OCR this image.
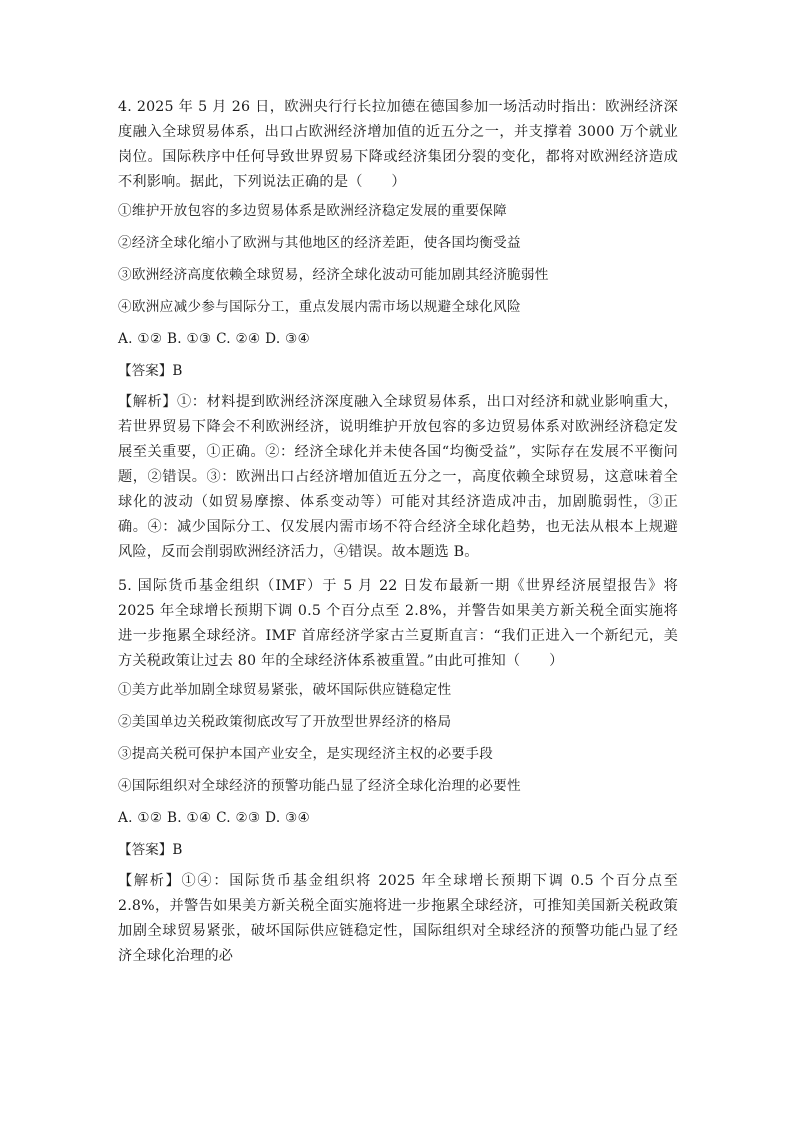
4. 2025 年 5 月 26 日，欧洲央行行长拉加德在德国参加一场活动时指出：欧洲经济深度融入全球贸易体系，出口占欧洲经济增加值的近五分之一，并支撑着 3000 万个就业岗位。国际秩序中任何导致世界贸易下降或经济集团分裂的变化，都将对欧洲经济造成不利影响。据此，下列说法正确的是（　　）

①维护开放包容的多边贸易体系是欧洲经济稳定发展的重要保障

②经济全球化缩小了欧洲与其他地区的经济差距，使各国均衡受益

③欧洲经济高度依赖全球贸易，经济全球化波动可能加剧其经济脆弱性

④欧洲应减少参与国际分工，重点发展内需市场以规避全球化风险

A. ①② B. ①③ C. ②④ D. ③④

【答案】B

【解析】①：材料提到欧洲经济深度融入全球贸易体系，出口对经济和就业影响重大，若世界贸易下降会不利欧洲经济，说明维护开放包容的多边贸易体系对欧洲经济稳定发展至关重要，①正确。②：经济全球化并未使各国“均衡受益”，实际存在发展不平衡问题，②错误。③：欧洲出口占经济增加值近五分之一，高度依赖全球贸易，这意味着全球化的波动（如贸易摩擦、体系变动等）可能对其经济造成冲击，加剧脆弱性，③正确。④：减少国际分工、仅发展内需市场不符合经济全球化趋势，也无法从根本上规避风险，反而会削弱欧洲经济活力，④错误。故本题选 B。

5. 国际货币基金组织（IMF）于 5 月 22 日发布最新一期《世界经济展望报告》将 2025 年全球增长预期下调 0.5 个百分点至 2.8%，并警告如果美方新关税全面实施将进一步拖累全球经济。IMF 首席经济学家古兰夏斯直言：“我们正进入一个新纪元，美方关税政策让过去 80 年的全球经济体系被重置。”由此可推知（　　）

①美方此举加剧全球贸易紧张，破坏国际供应链稳定性

②美国单边关税政策彻底改写了开放型世界经济的格局

③提高关税可保护本国产业安全，是实现经济主权的必要手段

④国际组织对全球经济的预警功能凸显了经济全球化治理的必要性

A. ①② B. ①④ C. ②③ D. ③④

【答案】B

【解析】①④：国际货币基金组织将 2025 年全球增长预期下调 0.5 个百分点至 2.8%，并警告如果美方新关税全面实施将进一步拖累全球经济，可推知美国新关税政策加剧全球贸易紧张，破坏国际供应链稳定性，国际组织对全球经济的预警功能凸显了经济全球化治理的必
